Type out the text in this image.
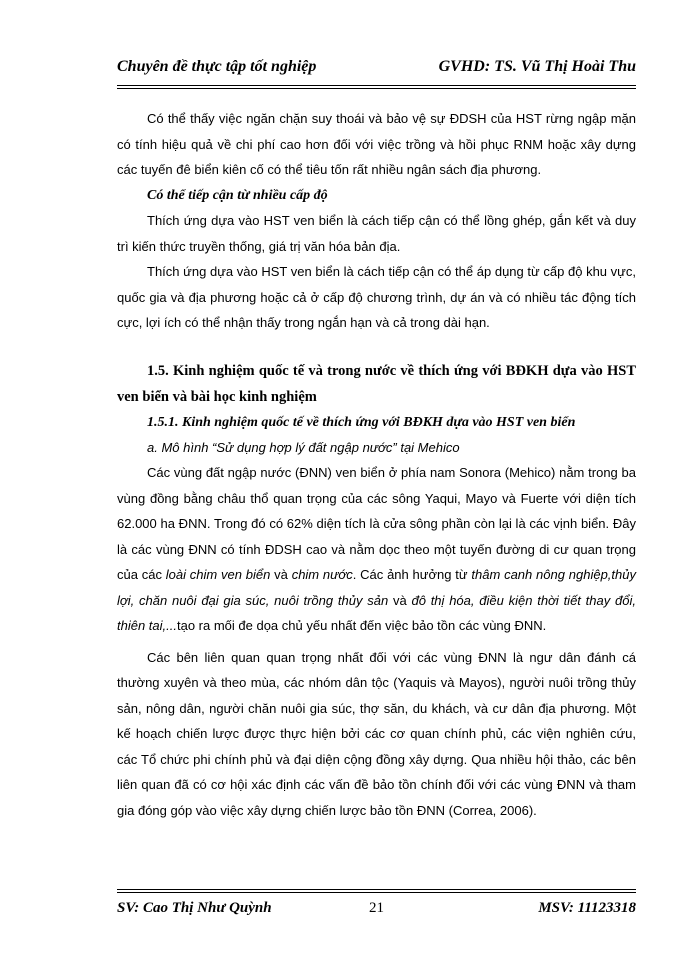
Chuyên đề thực tập tốt nghiệp	GVHD: TS. Vũ Thị Hoài Thu

Có thể thấy việc ngăn chặn suy thoái và bảo vệ sự ĐDSH của HST rừng ngập mặn có tính hiệu quả về chi phí cao hơn đối với việc trồng và hồi phục RNM hoặc xây dựng các tuyến đê biển kiên cố có thể tiêu tốn rất nhiều ngân sách địa phương.

Có thể tiếp cận từ nhiều cấp độ

Thích ứng dựa vào HST ven biển là cách tiếp cận có thể lồng ghép, gắn kết và duy trì kiến thức truyền thống, giá trị văn hóa bản địa.

Thích ứng dựa vào HST ven biển là cách tiếp cận có thể áp dụng từ cấp độ khu vực, quốc gia và địa phương hoặc cả ở cấp độ chương trình, dự án và có nhiều tác động tích cực, lợi ích có thể nhận thấy trong ngắn hạn và cả trong dài hạn.

1.5. Kinh nghiệm quốc tế và trong nước về thích ứng với BĐKH dựa vào HST ven biển và bài học kinh nghiệm

1.5.1. Kinh nghiệm quốc tế về thích ứng với BĐKH dựa vào HST ven biển

a. Mô hình “Sử dụng hợp lý đất ngập nước” tại Mehico

Các vùng đất ngập nước (ĐNN) ven biển ở phía nam Sonora (Mehico) nằm trong ba vùng đồng bằng châu thổ quan trọng của các sông Yaqui, Mayo và Fuerte với diện tích 62.000 ha ĐNN. Trong đó có 62% diện tích là cửa sông phần còn lại là các vịnh biển. Đây là các vùng ĐNN có tính ĐDSH cao và nằm dọc theo một tuyến đường di cư quan trọng của các loài chim ven biển và chim nước. Các ảnh hưởng từ thâm canh nông nghiệp,thủy lợi, chăn nuôi đại gia súc, nuôi trồng thủy sản và đô thị hóa, điều kiện thời tiết thay đổi, thiên tai,...tạo ra mối đe dọa chủ yếu nhất đến việc bảo tồn các vùng ĐNN.

Các bên liên quan quan trọng nhất đối với các vùng ĐNN là ngư dân đánh cá thường xuyên và theo mùa, các nhóm dân tộc (Yaquis và Mayos), người nuôi trồng thủy sản, nông dân, người chăn nuôi gia súc, thợ săn, du khách, và cư dân địa phương. Một kế hoạch chiến lược được thực hiện bởi các cơ quan chính phủ, các viện nghiên cứu, các Tổ chức phi chính phủ và đại diện cộng đồng xây dựng. Qua nhiều hội thảo, các bên liên quan đã có cơ hội xác định các vấn đề bảo tồn chính đối với các vùng ĐNN và tham gia đóng góp vào việc xây dựng chiến lược bảo tồn ĐNN (Correa, 2006).

SV: Cao Thị Như Quỳnh	21	MSV: 11123318
